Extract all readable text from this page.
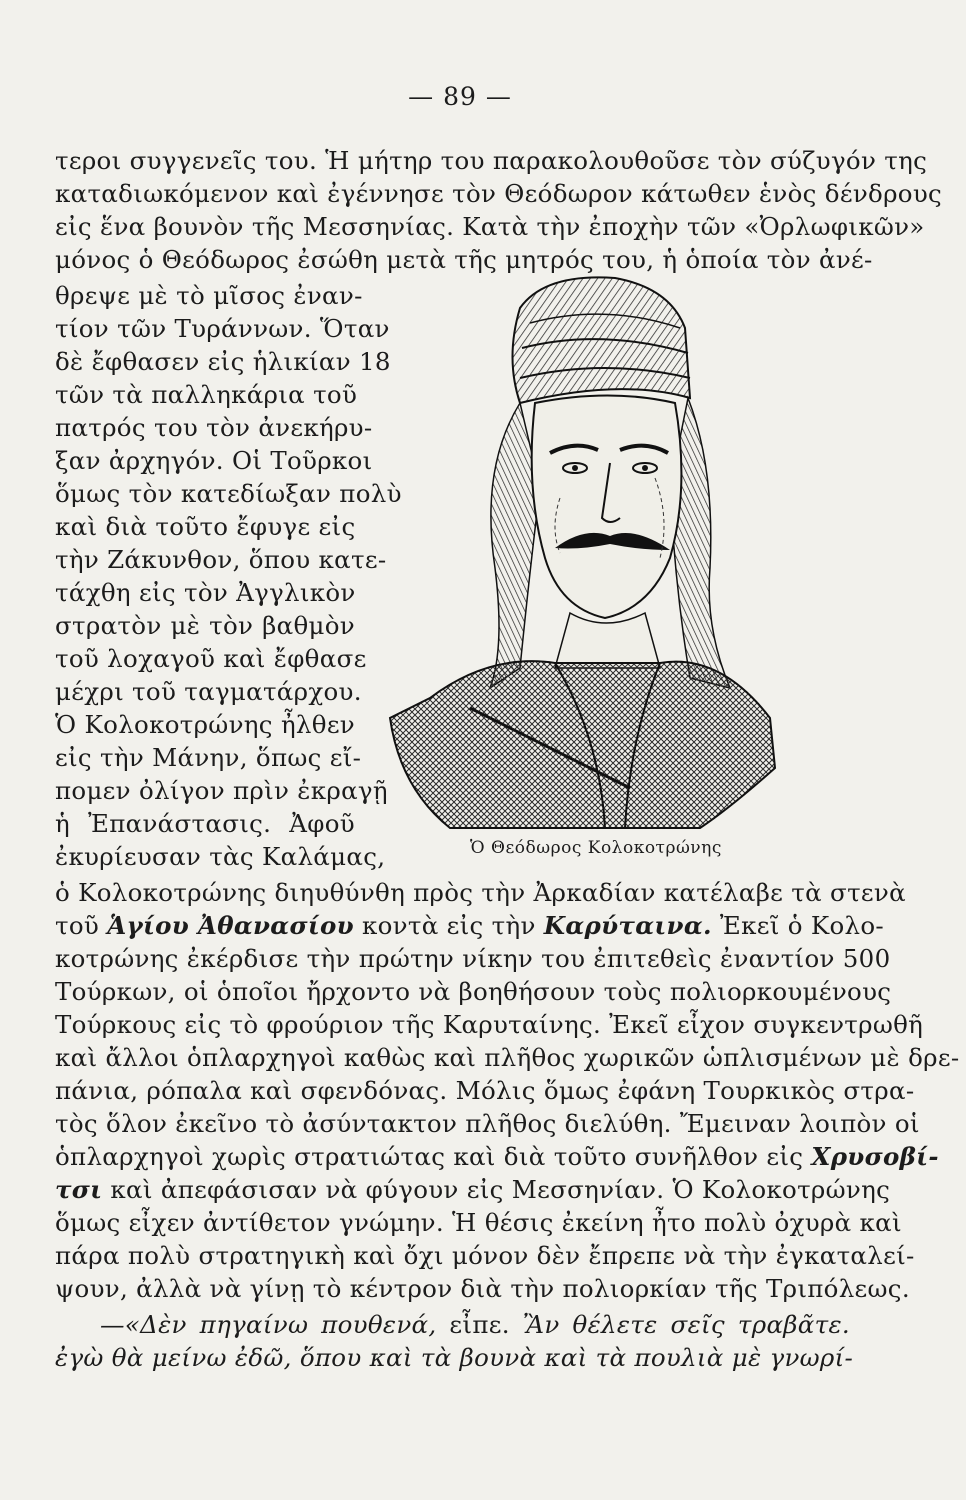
— 89 —
τεροι συγγενεῖς του. Ἡ μήτηρ του παρακολουθοῦσε τὸν σύζυγόν της
καταδιωκόμενον καὶ ἐγέννησε τὸν Θεόδωρον κάτωθεν ἑνὸς δένδρους
εἰς ἕνα βουνὸν τῆς Μεσσηνίας. Κατὰ τὴν ἐποχὴν τῶν «Ὀρλωφικῶν»
μόνος ὁ Θεόδωρος ἐσώθη μετὰ τῆς μητρός του, ἡ ὁποία τὸν ἀνέ-
θρεψε μὲ τὸ μῖσος ἐναν-
τίον τῶν Τυράννων. Ὅταν
δὲ ἔφθασεν εἰς ἡλικίαν 18
τῶν τὰ παλληκάρια τοῦ
πατρός του τὸν ἀνεκήρυ-
ξαν ἀρχηγόν. Οἱ Τοῦρκοι
ὅμως τὸν κατεδίωξαν πολὺ
καὶ διὰ τοῦτο ἔφυγε εἰς
τὴν Ζάκυνθον, ὅπου κατε-
τάχθη εἰς τὸν Ἀγγλικὸν
στρατὸν μὲ τὸν βαθμὸν
τοῦ λοχαγοῦ καὶ ἔφθασε
μέχρι τοῦ ταγματάρχου.
Ὁ Κολοκοτρώνης ἦλθεν
εἰς τὴν Μάνην, ὅπως εἴ-
πομεν ὀλίγον πρὶν ἐκραγῇ
ἡ Ἐπανάστασις. Ἀφοῦ
ἐκυρίευσαν τὰς Καλάμας,	Ὁ Θεόδωρος Κολοκοτρώνης
ὁ Κολοκοτρώνης διηυθύνθη πρὸς τὴν Ἀρκαδίαν κατέλαβε τὰ στενὰ
τοῦ Ἁγίου Ἀθανασίου κοντὰ εἰς τὴν Καρύταινα. Ἐκεῖ ὁ Κολο-
κοτρώνης ἐκέρδισε τὴν πρώτην νίκην του ἐπιτεθεὶς ἐναντίον 500
Τούρκων, οἱ ὁποῖοι ἤρχοντο νὰ βοηθήσουν τοὺς πολιορκουμένους
Τούρκους εἰς τὸ φρούριον τῆς Καρυταίνης. Ἐκεῖ εἶχον συγκεντρωθῆ
καὶ ἄλλοι ὁπλαρχηγοὶ καθὼς καὶ πλῆθος χωρικῶν ὡπλισμένων μὲ δρε-
πάνια, ρόπαλα καὶ σφενδόνας. Μόλις ὅμως ἐφάνη Τουρκικὸς στρα-
τὸς ὅλον ἐκεῖνο τὸ ἀσύντακτον πλῆθος διελύθη. Ἔμειναν λοιπὸν οἱ
ὁπλαρχηγοὶ χωρὶς στρατιώτας καὶ διὰ τοῦτο συνῆλθον εἰς Χρυσοβί-
τσι καὶ ἀπεφάσισαν νὰ φύγουν εἰς Μεσσηνίαν. Ὁ Κολοκοτρώνης
ὅμως εἶχεν ἀντίθετον γνώμην. Ἡ θέσις ἐκείνη ἦτο πολὺ ὀχυρὰ καὶ
πάρα πολὺ στρατηγικὴ καὶ ὄχι μόνον δὲν ἔπρεπε νὰ τὴν ἐγκαταλεί-
ψουν, ἀλλὰ νὰ γίνῃ τὸ κέντρον διὰ τὴν πολιορκίαν τῆς Τριπόλεως.
—«Δὲν πηγαίνω πουθενά, εἶπε. Ἂν θέλετε σεῖς τραβᾶτε.
ἐγὼ θὰ μείνω ἐδῶ, ὅπου καὶ τὰ βουνὰ καὶ τὰ πουλιὰ μὲ γνωρί-
